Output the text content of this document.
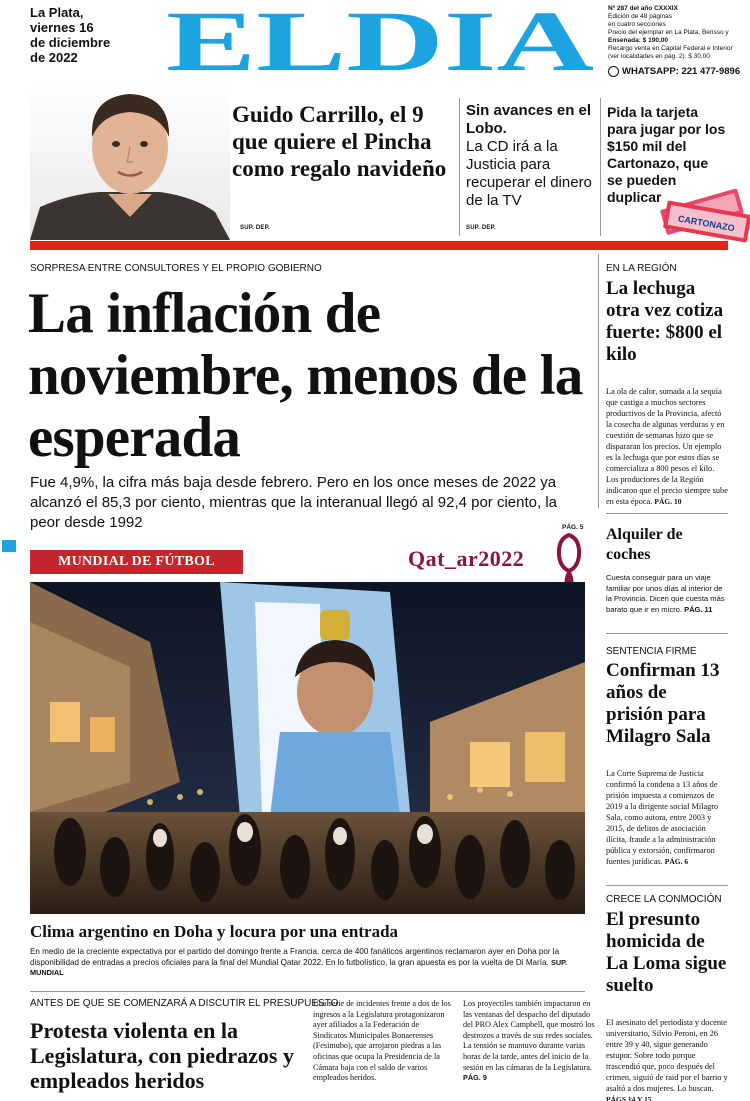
La Plata,
viernes 16
de diciembre
de 2022	ELDIA Nº 287 del año CXXXIX
Edición de 48 páginas
en cuatro secciones
Precio del ejemplar en La Plata, Berisso y
Ensenada: $ 190,00
Recargo venta en Capital Federal e Interior
(ver localidades en pág. 2): $ 30,00
WHATSAPP: 221 477-9896
Guido Carrillo, el 9 que quiere el Pincha como regalo navideño
SUP. DEP.
Sin avances en el Lobo.
La CD irá a la Justicia para recuperar el dinero de la TV
SUP. DEP.
Pida la tarjeta para jugar por los $150 mil del Cartonazo, que se pueden duplicar
CARTONAZO
SORPRESA ENTRE CONSULTORES Y EL PROPIO GOBIERNO
La inflación de noviembre, menos de la esperada
Fue 4,9%, la cifra más baja desde febrero. Pero en los once meses de 2022 ya alcanzó el 85,3 por ciento, mientras que la interanual llegó al 92,4 por ciento, la peor desde 1992
EN LA REGIÓN
La lechuga otra vez cotiza fuerte: $800 el kilo
La ola de calor, sumada a la sequía que castiga a muchos sectores productivos de la Provincia, afectó la cosecha de algunas verduras y en cuestión de semanas hizo que se dispararan los precios. Un ejemplo es la lechuga que por estos días se comercializa a 800 pesos el kilo. Los productores de la Región indicaron que el precio siempre sube en esta época. PÁG. 10
Alquiler de coches
Cuesta conseguir para un viaje familiar por unos días al interior de la Provincia. Dicen que cuesta más barato que ir en micro. PÁG. 11
SENTENCIA FIRME
Confirman 13 años de prisión para Milagro Sala
La Corte Suprema de Justicia confirmó la condena a 13 años de prisión impuesta a comienzos de 2019 a la dirigente social Milagro Sala, como autora, entre 2003 y 2015, de delitos de asociación ilícita, fraude a la administración pública y extorsión, confirmaron fuentes jurídicas. PÁG. 6
CRECE LA CONMOCIÓN
El presunto homicida de La Loma sigue suelto
El asesinato del periodista y docente universitario, Silvio Peroni, en 26 entre 39 y 40, sigue generando estupor. Sobre todo porque trascendió que, poco después del crimen, siguió de raid por el barrio y asaltó a dos mujeres. Lo buscan. PÁGS 14 Y 15
PÁG. 5
MUNDIAL DE FÚTBOL	Qat_ar2022
Clima argentino en Doha y locura por una entrada
En medio de la creciente expectativa por el partido del domingo frente a Francia, cerca de 400 fanáticos argentinos reclamaron ayer en Doha por la disponibilidad de entradas a precios oficiales para la final del Mundial Qatar 2022. En lo futbolístico, la gran apuesta es por la vuelta de Di María. SUP. MUNDIAL
ANTES DE QUE SE COMENZARÁ A DISCUTIR EL PRESUPUESTO
Protesta violenta en la Legislatura, con piedrazos y empleados heridos
Una serie de incidentes frente a dos de los ingresos a la Legislatura protagonizaron ayer afiliados a la Federación de Sindicatos Municipales Bonaerenses (Fesimubo), que arrojaron piedras a las oficinas que ocupa la Presidencia de la Cámara baja con el saldo de varios empleados heridos.
Los proyectiles también impactaron en las ventanas del despacho del diputado del PRO Alex Campbell, que mostró los destrozos a través de sus redes sociales.
La tensión se mantuvo durante varias horas de la tarde, antes del inicio de la sesión en las cámaras de la Legislatura. PÁG. 9
